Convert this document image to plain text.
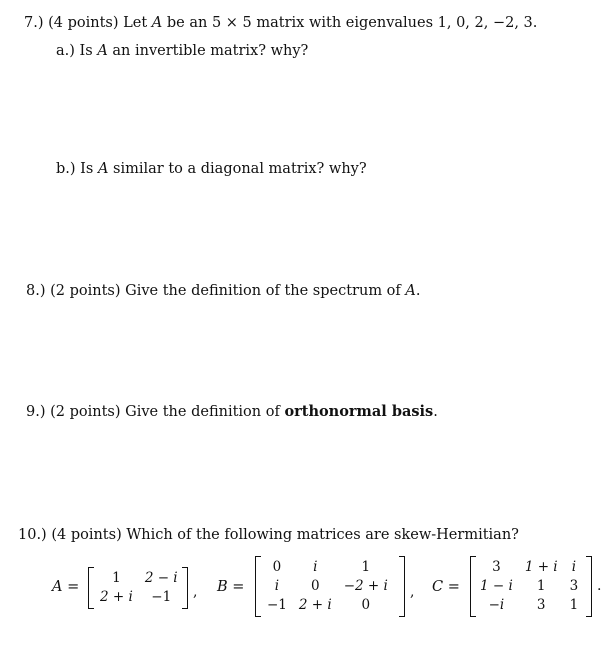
7.) (4 points) Let A be an 5 × 5 matrix with eigenvalues 1, 0, 2, −2, 3.
a.) Is A an invertible matrix? why?
b.) Is A similar to a diagonal matrix? why?
8.) (2 points) Give the definition of the spectrum of A.
9.) (2 points) Give the definition of orthonormal basis.
10.) (4 points) Which of the following matrices are skew-Hermitian?
A =
1	2 − i
2 + i	−1 , B =
0	i	1
i	0	−2 + i
−1	2 + i	0
, C =
3	1 + i	i
1 − i	1	3
−i	3	1
.
